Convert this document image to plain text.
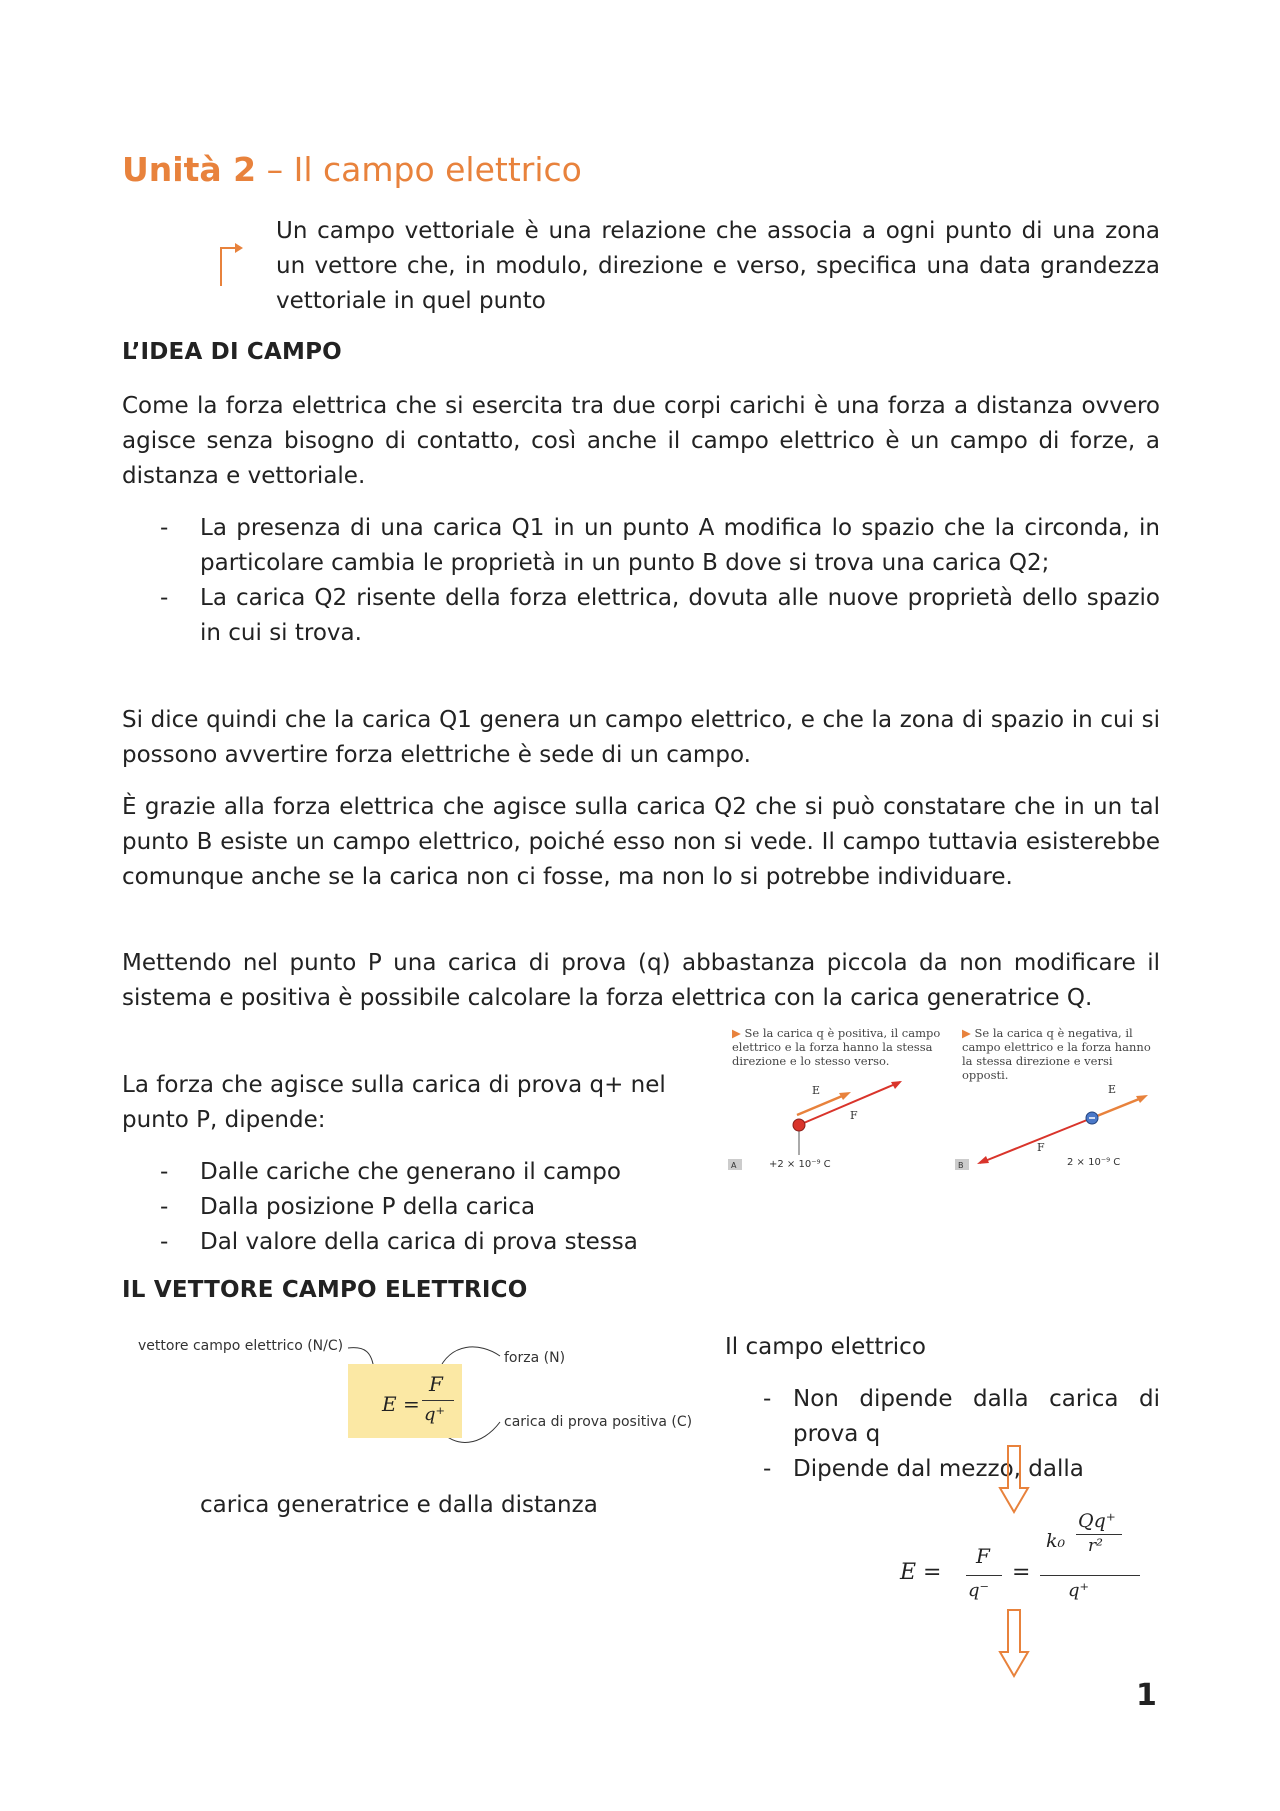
Unità 2 – Il campo elettrico

Un campo vettoriale è una relazione che associa a ogni punto di una zona un vettore che, in modulo, direzione e verso, specifica una data grandezza vettoriale in quel punto

L’IDEA DI CAMPO

Come la forza elettrica che si esercita tra due corpi carichi è una forza a distanza ovvero agisce senza bisogno di contatto, così anche il campo elettrico è un campo di forze, a distanza e vettoriale.

- La presenza di una carica Q1 in un punto A modifica lo spazio che la circonda, in particolare cambia le proprietà in un punto B dove si trova una carica Q2;
- La carica Q2 risente della forza elettrica, dovuta alle nuove proprietà dello spazio in cui si trova.

Si dice quindi che la carica Q1 genera un campo elettrico, e che la zona di spazio in cui si possono avvertire forza elettriche è sede di un campo.

È grazie alla forza elettrica che agisce sulla carica Q2 che si può constatare che in un tal punto B esiste un campo elettrico, poiché esso non si vede. Il campo tuttavia esisterebbe comunque anche se la carica non ci fosse, ma non lo si potrebbe individuare.

Mettendo nel punto P una carica di prova (q) abbastanza piccola da non modificare il sistema e positiva è possibile calcolare la forza elettrica con la carica generatrice Q.

La forza che agisce sulla carica di prova q+ nel punto P, dipende:

- Dalle cariche che generano il campo
- Dalla posizione P della carica
- Dal valore della carica di prova stessa
▶ Se la carica q è positiva, il campo elettrico e la forza hanno la stessa direzione e lo stesso verso.
E
F
A	+2 × 10⁻⁹ C
▶ Se la carica q è negativa, il campo elettrico e la forza hanno la stessa direzione e versi opposti.
E
F
B	2 × 10⁻⁹ C
IL VETTORE CAMPO ELETTRICO
vettore campo elettrico (N/C)
forza (N)
carica di prova positiva (C)
E =
F
q⁺
Il campo elettrico
- Non dipende dalla carica di prova q
- Dipende dal mezzo, dalla
carica generatrice e dalla distanza
E =
F
q⁻
=
k₀
Qq⁺
r²
q⁺
1
